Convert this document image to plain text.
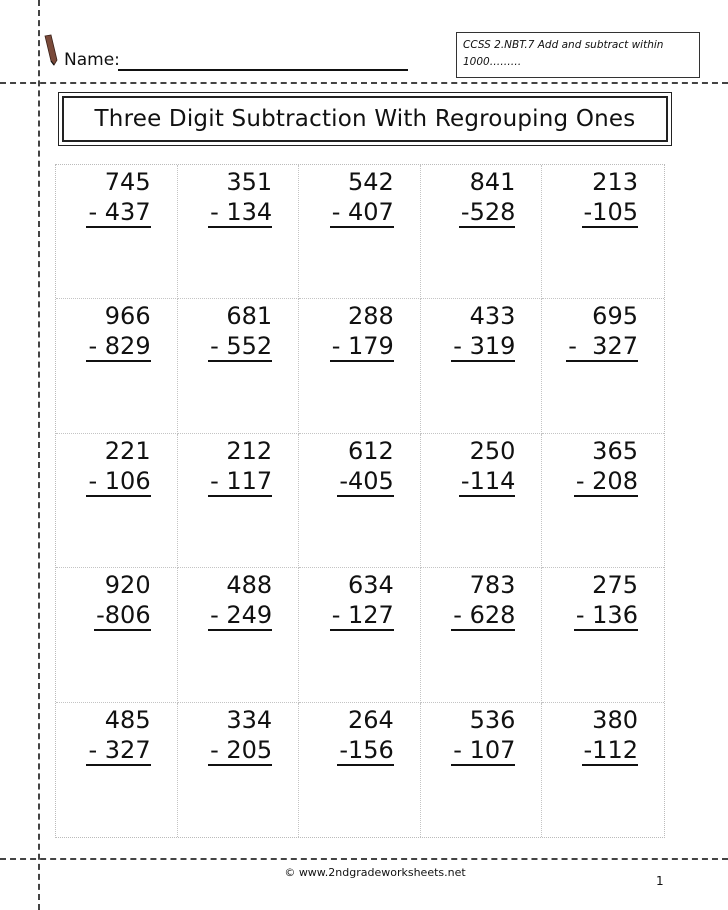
Name:
CCSS 2.NBT.7 Add and subtract within
1000………
Three Digit Subtraction With Regrouping Ones
745
- 437
351
- 134
542
- 407
841
-528
213
-105
966
- 829
681
- 552
288
- 179
433
- 319
695
-  327
221
- 106
212
- 117
612
-405
250
-114
365
- 208
920
-806
488
- 249
634
- 127
783
- 628
275
- 136
485
- 327
334
- 205
264
-156
536
- 107
380
-112
© www.2ndgradeworksheets.net
1
